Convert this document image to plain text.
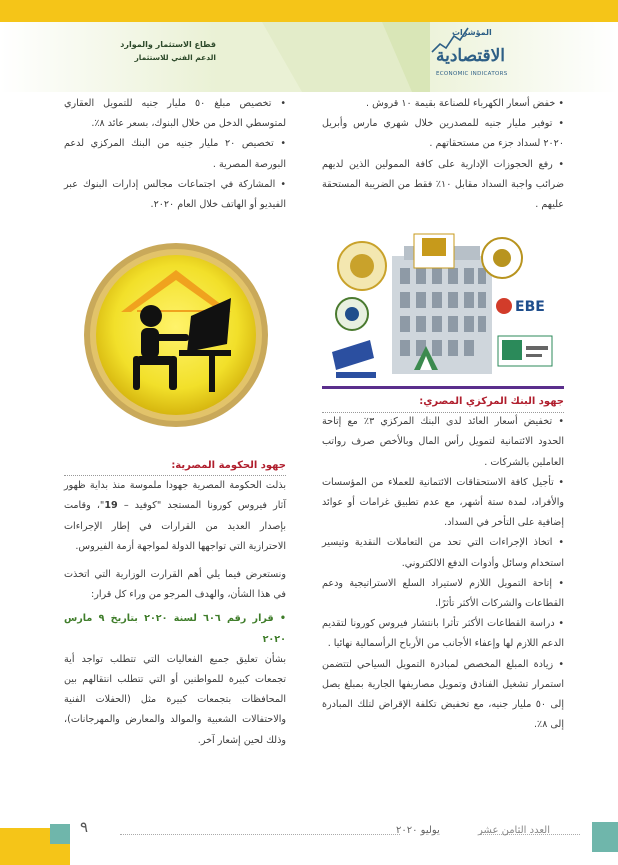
قطاع الاستثمار والموارد
الدعم الفني للاستثمار
المؤشرات
الاقتصادية
ECONOMIC INDICATORS

• خفض أسعار الكهرباء للصناعة بقيمة ١٠ قروش .

• توفير مليار جنيه للمصدرين خلال شهري مارس وأبريل ٢٠٢٠ لسداد جزء من مستحقاتهم .

• رفع الحجوزات الإدارية على كافة الممولين الذين لديهم ضرائب واجبة السداد مقابل ١٠٪ فقط من الضريبة المستحقة عليهم .

EBE

جهود البنك المركزي المصري:

• تخفيض أسعار العائد لدى البنك المركزي ٣٪ مع إتاحة الحدود الائتمانية لتمويل رأس المال وبالأخص صرف رواتب العاملين بالشركات .

• تأجيل كافة الاستحقاقات الائتمانية للعملاء من المؤسسات والأفراد، لمدة ستة أشهر، مع عدم تطبيق غرامات أو عوائد إضافية على التأخر في السداد.

• اتخاذ الإجراءات التي تحد من التعاملات النقدية وتيسير استخدام وسائل وأدوات الدفع الالكتروني.

• إتاحة التمويل اللازم لاستيراد السلع الاستراتيجية ودعم القطاعات والشركات الأكثر تأثرًا.

• دراسة القطاعات الأكثر تأثرا بانتشار فيروس كورونا لتقديم الدعم اللازم لها وإعفاء الأجانب من الأرباح الرأسمالية نهائيا .

• زيادة المبلغ المخصص لمبادرة التمويل السياحي لتتضمن استمرار تشغيل الفنادق وتمويل مصاريفها الجارية بمبلغ يصل إلى ٥٠ مليار جنيه، مع تخفيض تكلفة الإقراض لتلك المبادرة إلى ٨٪.

• تخصيص مبلغ ٥٠ مليار جنيه للتمويل العقاري لمتوسطي الدخل من خلال البنوك، بسعر عائد ٨٪.

• تخصيص ٢٠ مليار جنيه من البنك المركزي لدعم البورصة المصرية .

• المشاركة في اجتماعات مجالس إدارات البنوك عبر الفيديو أو الهاتف خلال العام ٢٠٢٠.

جهود الحكومة المصرية:

بذلت الحكومة المصرية جهودا ملموسة منذ بداية ظهور آثار فيروس كورونا المستجد "كوفيد – 19"، وقامت بإصدار العديد من القرارات في إطار الإجراءات الاحترازية التي تواجهها الدولة لمواجهة أزمة الفيروس.

ونستعرض فيما يلي أهم القرارت الوزارية التي اتخذت في هذا الشأن، والهدف المرجو من وراء كل قرار:

• قرار رقم ٦٠٦ لسنة ٢٠٢٠ بتاريخ ٩ مارس ٢٠٢٠

بشأن تعليق جميع الفعاليات التي تتطلب تواجد أية تجمعات كبيرة للمواطنين أو التي تتطلب انتقالهم بين المحافظات بتجمعات كبيرة مثل (الحفلات الفنية والاحتفالات الشعبية والموالد والمعارض والمهرجانات)، وذلك لحين إشعار آخر.

٩	يوليو ٢٠٢٠	العدد الثامن عشر
